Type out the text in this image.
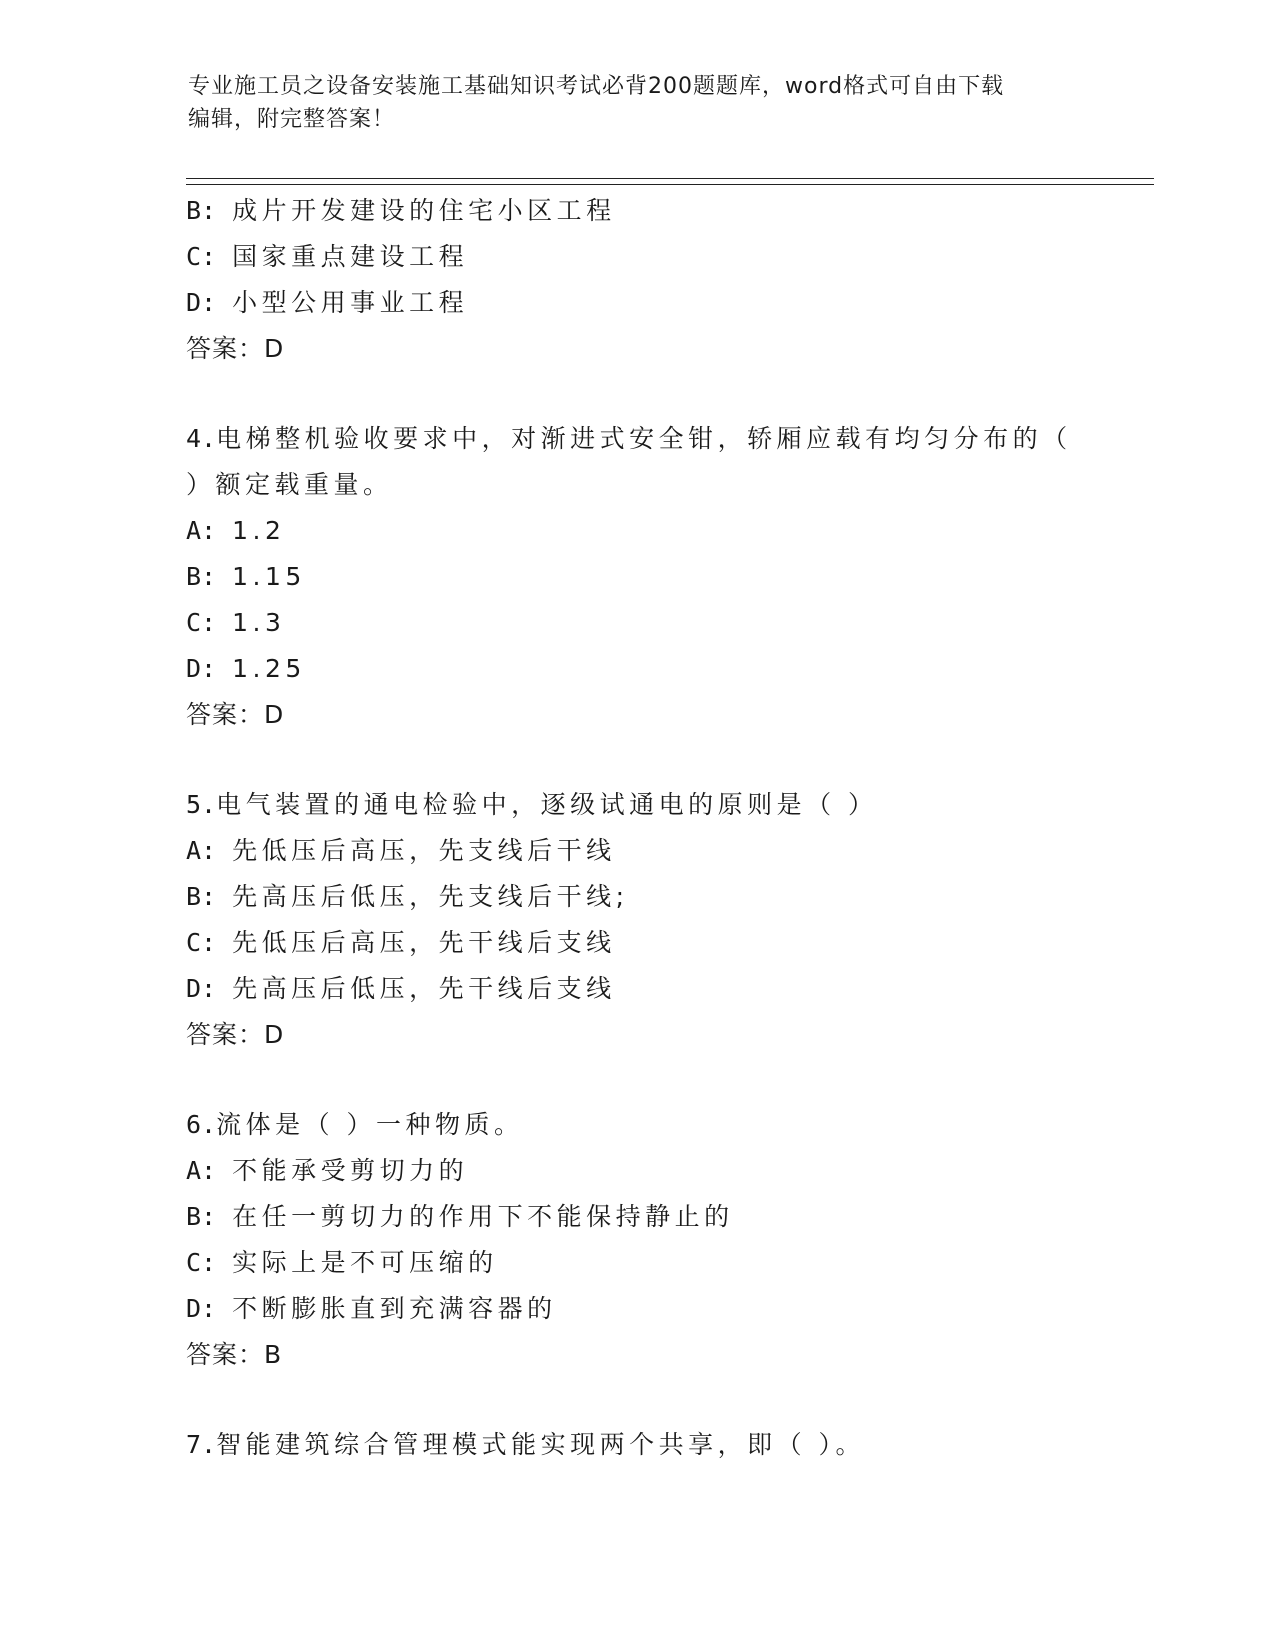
专业施工员之设备安装施工基础知识考试必背200题题库，word格式可自由下载
编辑，附完整答案！
B: 成片开发建设的住宅小区工程
C: 国家重点建设工程
D: 小型公用事业工程
答案：D
4.电梯整机验收要求中，对渐进式安全钳，轿厢应载有均匀分布的（
）额定载重量。
A: 1.2
B: 1.15
C: 1.3
D: 1.25
答案：D
5.电气装置的通电检验中，逐级试通电的原则是（ ）
A: 先低压后高压，先支线后干线
B: 先高压后低压，先支线后干线;
C: 先低压后高压，先干线后支线
D: 先高压后低压，先干线后支线
答案：D
6.流体是（ ）一种物质。
A: 不能承受剪切力的
B: 在任一剪切力的作用下不能保持静止的
C: 实际上是不可压缩的
D: 不断膨胀直到充满容器的
答案：B
7.智能建筑综合管理模式能实现两个共享，即（ ）。
